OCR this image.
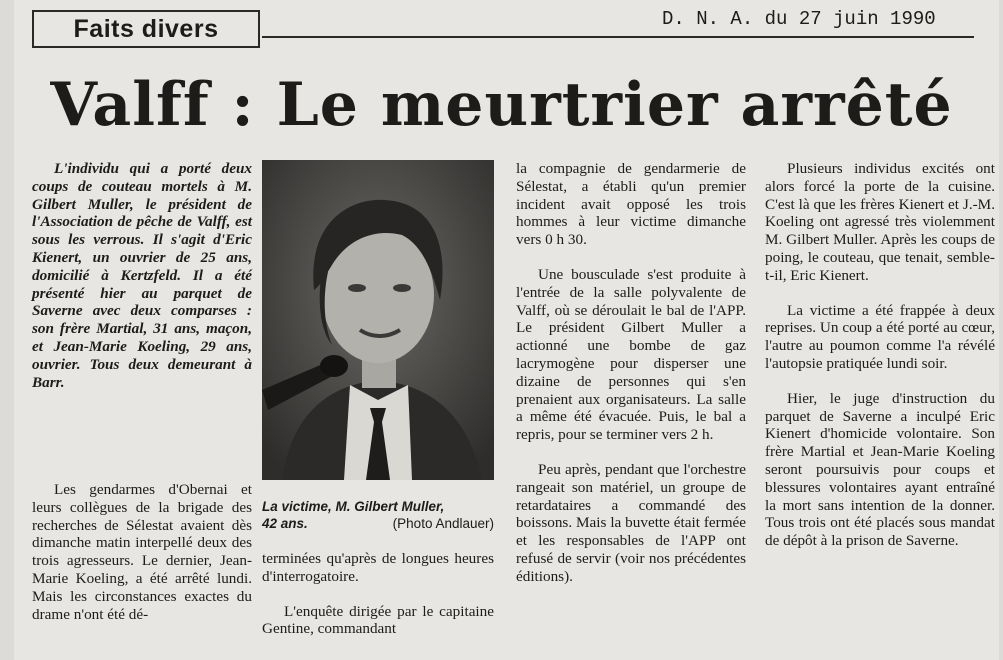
Faits divers	D. N. A. du 27 juin 1990
Valff : Le meurtrier arrêté

L'individu qui a porté deux coups de couteau mortels à M. Gilbert Muller, le président de l'Association de pêche de Valff, est sous les verrous. Il s'agit d'Eric Kienert, un ouvrier de 25 ans, domicilié à Kertzfeld. Il a été présenté hier au parquet de Saverne avec deux comparses : son frère Martial, 31 ans, maçon, et Jean-Marie Koeling, 29 ans, ouvrier. Tous deux demeurant à Barr.

Les gendarmes d'Obernai et leurs collègues de la brigade des recherches de Sélestat avaient dès dimanche matin interpellé deux des trois agresseurs. Le dernier, Jean-Marie Koeling, a été arrêté lundi. Mais les circonstances exactes du drame n'ont été dé-

La victime, M. Gilbert Muller,
42 ans.	(Photo Andlauer)

terminées qu'après de longues heures d'interrogatoire.

L'enquête dirigée par le capitaine Gentine, commandant

la compagnie de gendarmerie de Sélestat, a établi qu'un premier incident avait opposé les trois hommes à leur victime dimanche vers 0 h 30.

Une bousculade s'est produite à l'entrée de la salle polyvalente de Valff, où se déroulait le bal de l'APP. Le président Gilbert Muller a actionné une bombe de gaz lacrymogène pour disperser une dizaine de personnes qui s'en prenaient aux organisateurs. La salle a même été évacuée. Puis, le bal a repris, pour se terminer vers 2 h.

Peu après, pendant que l'orchestre rangeait son matériel, un groupe de retardataires a commandé des boissons. Mais la buvette était fermée et les responsables de l'APP ont refusé de servir (voir nos précédentes éditions).

Plusieurs individus excités ont alors forcé la porte de la cuisine. C'est là que les frères Kienert et J.-M. Koeling ont agressé très violemment M. Gilbert Muller. Après les coups de poing, le couteau, que tenait, semble-t-il, Eric Kienert.

La victime a été frappée à deux reprises. Un coup a été porté au cœur, l'autre au poumon comme l'a révélé l'autopsie pratiquée lundi soir.

Hier, le juge d'instruction du parquet de Saverne a inculpé Eric Kienert d'homicide volontaire. Son frère Martial et Jean-Marie Koeling seront poursuivis pour coups et blessures volontaires ayant entraîné la mort sans intention de la donner. Tous trois ont été placés sous mandat de dépôt à la prison de Saverne.
